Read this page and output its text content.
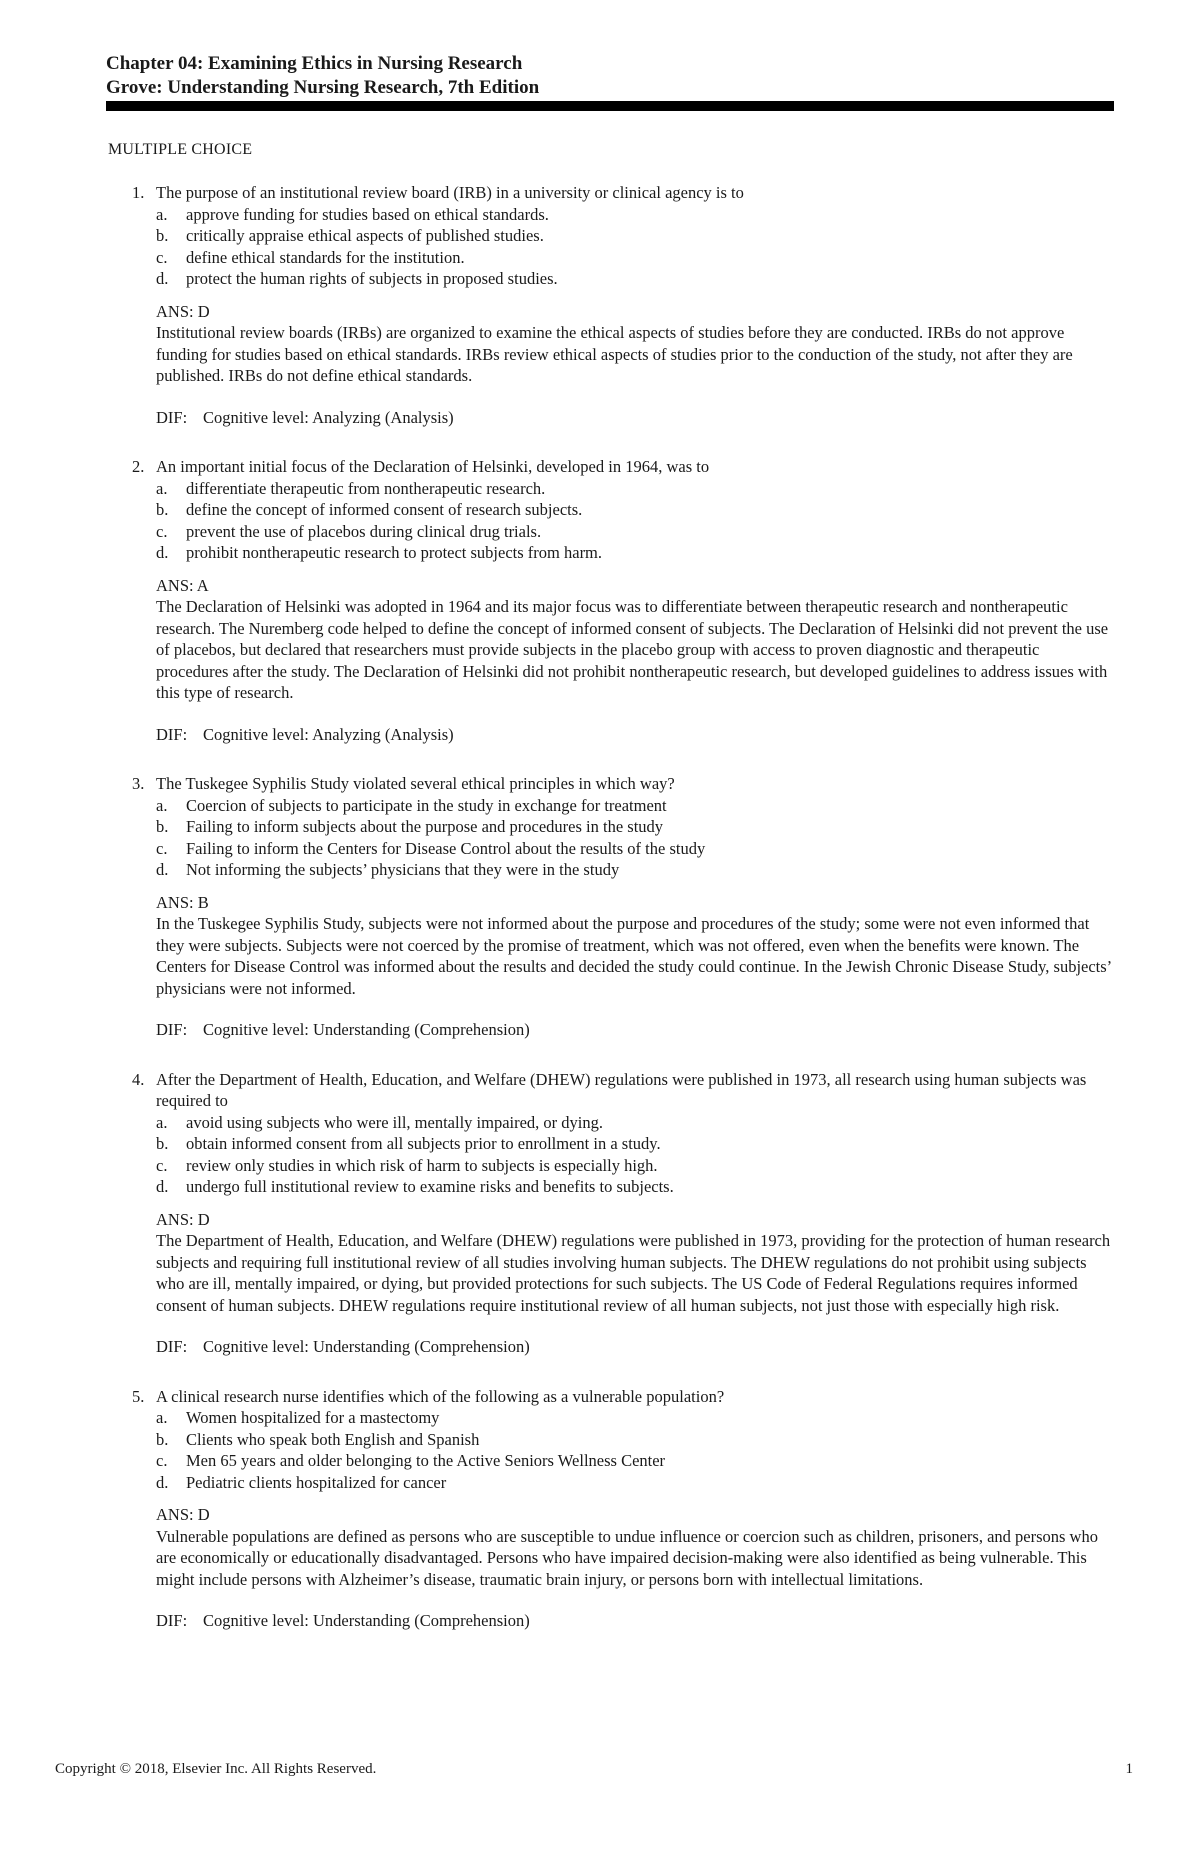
Chapter 04: Examining Ethics in Nursing Research
Grove: Understanding Nursing Research, 7th Edition
MULTIPLE CHOICE
1. The purpose of an institutional review board (IRB) in a university or clinical agency is to
a. approve funding for studies based on ethical standards.
b. critically appraise ethical aspects of published studies.
c. define ethical standards for the institution.
d. protect the human rights of subjects in proposed studies.
ANS: D
Institutional review boards (IRBs) are organized to examine the ethical aspects of studies before they are conducted. IRBs do not approve funding for studies based on ethical standards. IRBs review ethical aspects of studies prior to the conduction of the study, not after they are published. IRBs do not define ethical standards.
DIF: Cognitive level: Analyzing (Analysis)
2. An important initial focus of the Declaration of Helsinki, developed in 1964, was to
a. differentiate therapeutic from nontherapeutic research.
b. define the concept of informed consent of research subjects.
c. prevent the use of placebos during clinical drug trials.
d. prohibit nontherapeutic research to protect subjects from harm.
ANS: A
The Declaration of Helsinki was adopted in 1964 and its major focus was to differentiate between therapeutic research and nontherapeutic research. The Nuremberg code helped to define the concept of informed consent of subjects. The Declaration of Helsinki did not prevent the use of placebos, but declared that researchers must provide subjects in the placebo group with access to proven diagnostic and therapeutic procedures after the study. The Declaration of Helsinki did not prohibit nontherapeutic research, but developed guidelines to address issues with this type of research.
DIF: Cognitive level: Analyzing (Analysis)
3. The Tuskegee Syphilis Study violated several ethical principles in which way?
a. Coercion of subjects to participate in the study in exchange for treatment
b. Failing to inform subjects about the purpose and procedures in the study
c. Failing to inform the Centers for Disease Control about the results of the study
d. Not informing the subjects’ physicians that they were in the study
ANS: B
In the Tuskegee Syphilis Study, subjects were not informed about the purpose and procedures of the study; some were not even informed that they were subjects. Subjects were not coerced by the promise of treatment, which was not offered, even when the benefits were known. The Centers for Disease Control was informed about the results and decided the study could continue. In the Jewish Chronic Disease Study, subjects’ physicians were not informed.
DIF: Cognitive level: Understanding (Comprehension)
4. After the Department of Health, Education, and Welfare (DHEW) regulations were published in 1973, all research using human subjects was required to
a. avoid using subjects who were ill, mentally impaired, or dying.
b. obtain informed consent from all subjects prior to enrollment in a study.
c. review only studies in which risk of harm to subjects is especially high.
d. undergo full institutional review to examine risks and benefits to subjects.
ANS: D
The Department of Health, Education, and Welfare (DHEW) regulations were published in 1973, providing for the protection of human research subjects and requiring full institutional review of all studies involving human subjects. The DHEW regulations do not prohibit using subjects who are ill, mentally impaired, or dying, but provided protections for such subjects. The US Code of Federal Regulations requires informed consent of human subjects. DHEW regulations require institutional review of all human subjects, not just those with especially high risk.
DIF: Cognitive level: Understanding (Comprehension)
5. A clinical research nurse identifies which of the following as a vulnerable population?
a. Women hospitalized for a mastectomy
b. Clients who speak both English and Spanish
c. Men 65 years and older belonging to the Active Seniors Wellness Center
d. Pediatric clients hospitalized for cancer
ANS: D
Vulnerable populations are defined as persons who are susceptible to undue influence or coercion such as children, prisoners, and persons who are economically or educationally disadvantaged. Persons who have impaired decision-making were also identified as being vulnerable. This might include persons with Alzheimer’s disease, traumatic brain injury, or persons born with intellectual limitations.
DIF: Cognitive level: Understanding (Comprehension)
Copyright © 2018, Elsevier Inc. All Rights Reserved.	1
